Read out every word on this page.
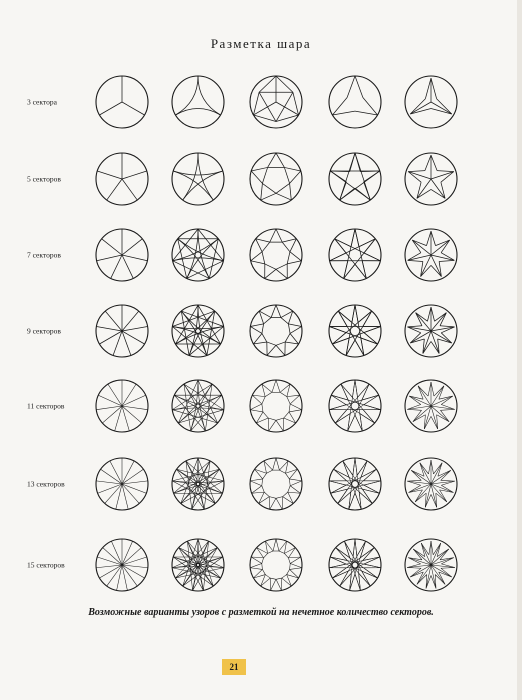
Разметка шара
3 сектора
5 секторов
7 секторов
9 секторов
11 секторов
13 секторов
15 секторов
Возможные варианты узоров с разметкой на нечетное количество секторов.
21
